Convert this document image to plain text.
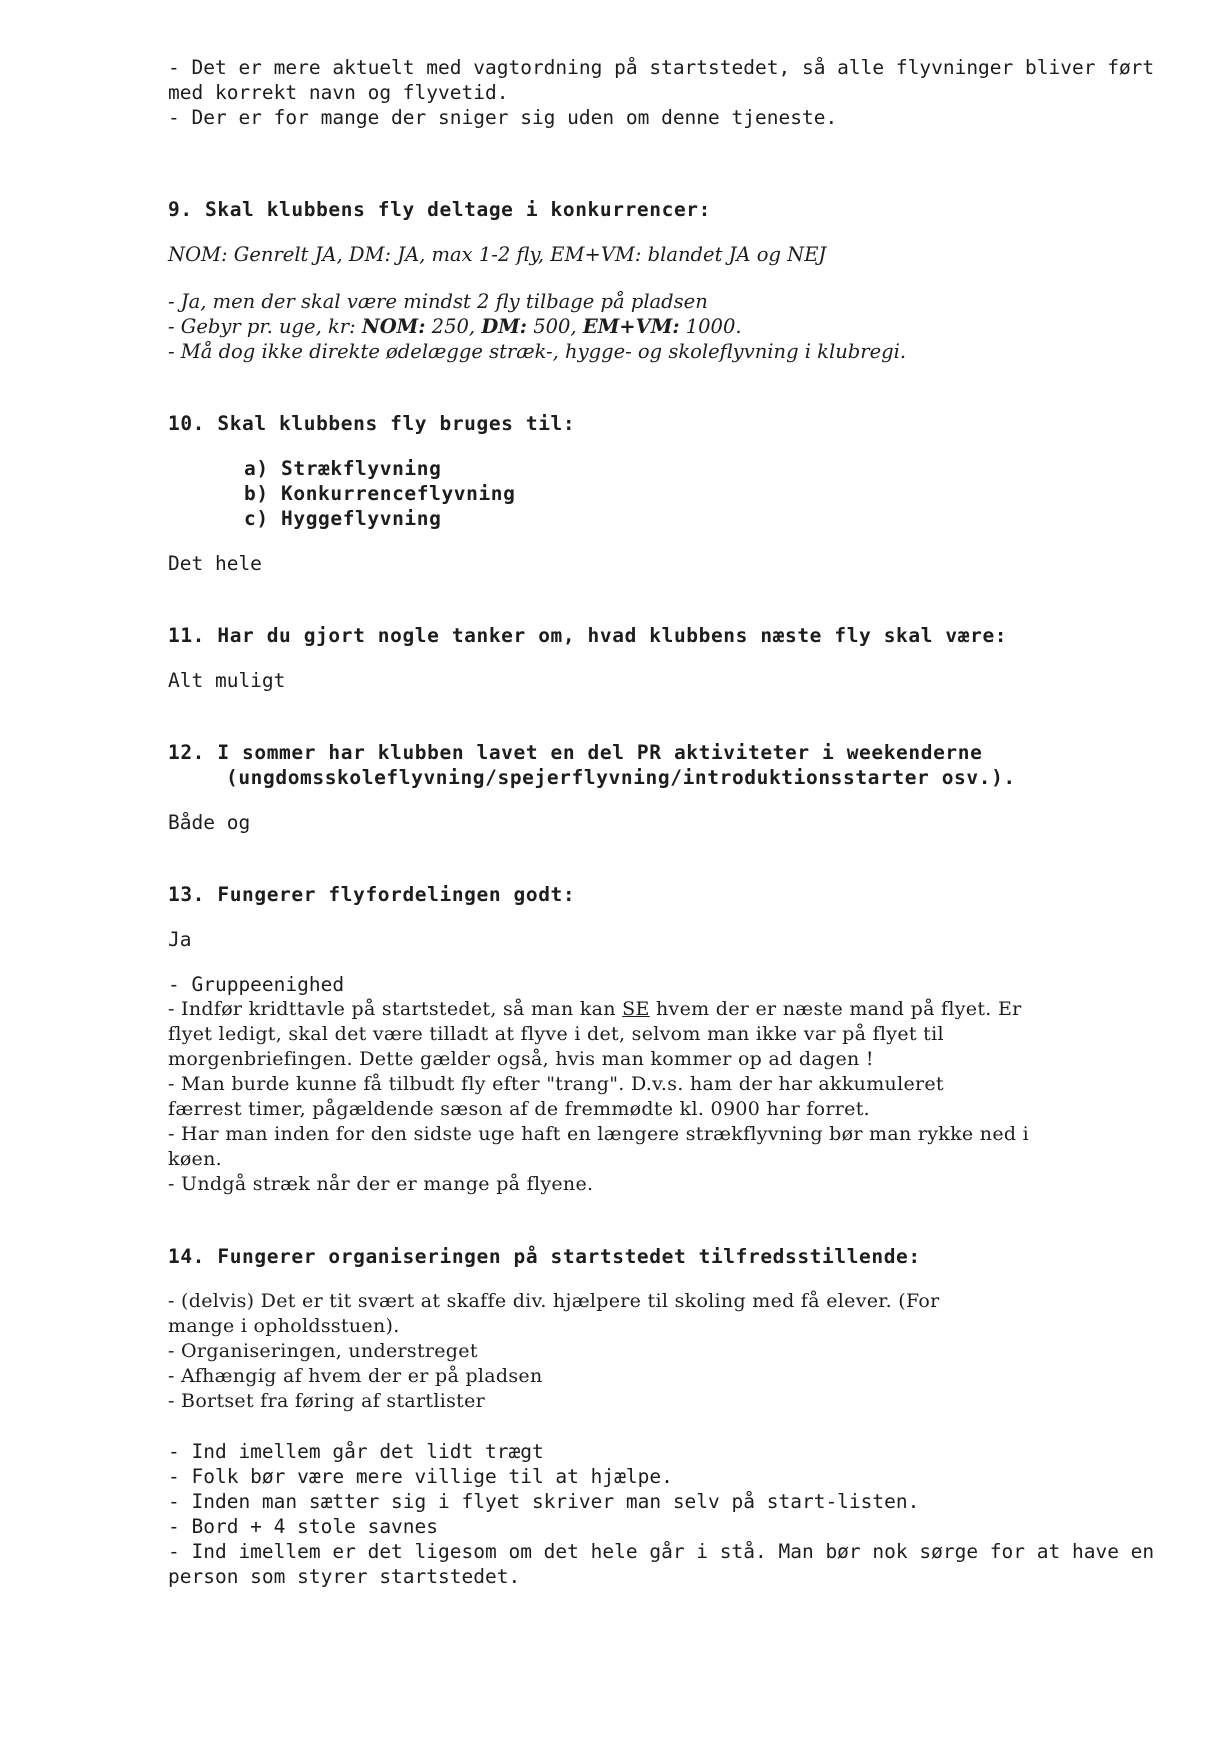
- Det er mere aktuelt med vagtordning på startstedet, så alle flyvninger bliver ført
med korrekt navn og flyvetid.
- Der er for mange der sniger sig uden om denne tjeneste.
9. Skal klubbens fly deltage i konkurrencer:
NOM: Genrelt JA, DM: JA, max 1-2 fly, EM+VM: blandet JA og NEJ
- Ja, men der skal være mindst 2 fly tilbage på pladsen
- Gebyr pr. uge, kr: NOM: 250, DM: 500, EM+VM: 1000.
- Må dog ikke direkte ødelægge stræk-, hygge- og skoleflyvning i klubregi.
10. Skal klubbens fly bruges til:
a) Strækflyvning
b) Konkurrenceflyvning
c) Hyggeflyvning
Det hele
11. Har du gjort nogle tanker om, hvad klubbens næste fly skal være:
Alt muligt
12. I sommer har klubben lavet en del PR aktiviteter i weekenderne
(ungdomsskoleflyvning/spejerflyvning/introduktionsstarter osv.).
Både og
13. Fungerer flyfordelingen godt:
Ja
- Gruppeenighed
- Indfør kridttavle på startstedet, så man kan SE hvem der er næste mand på flyet. Er
flyet ledigt, skal det være tilladt at flyve i det, selvom man ikke var på flyet til
morgenbriefingen. Dette gælder også, hvis man kommer op ad dagen !
- Man burde kunne få tilbudt fly efter "trang". D.v.s. ham der har akkumuleret
færrest timer, pågældende sæson af de fremmødte kl. 0900 har forret.
- Har man inden for den sidste uge haft en længere strækflyvning bør man rykke ned i
køen.
- Undgå stræk når der er mange på flyene.
14. Fungerer organiseringen på startstedet tilfredsstillende:
- (delvis) Det er tit svært at skaffe div. hjælpere til skoling med få elever. (For
mange i opholdsstuen).
- Organiseringen, understreget
- Afhængig af hvem der er på pladsen
- Bortset fra føring af startlister
- Ind imellem går det lidt trægt
- Folk bør være mere villige til at hjælpe.
- Inden man sætter sig i flyet skriver man selv på start-listen.
- Bord + 4 stole savnes
- Ind imellem er det ligesom om det hele går i stå. Man bør nok sørge for at have en
person som styrer startstedet.
